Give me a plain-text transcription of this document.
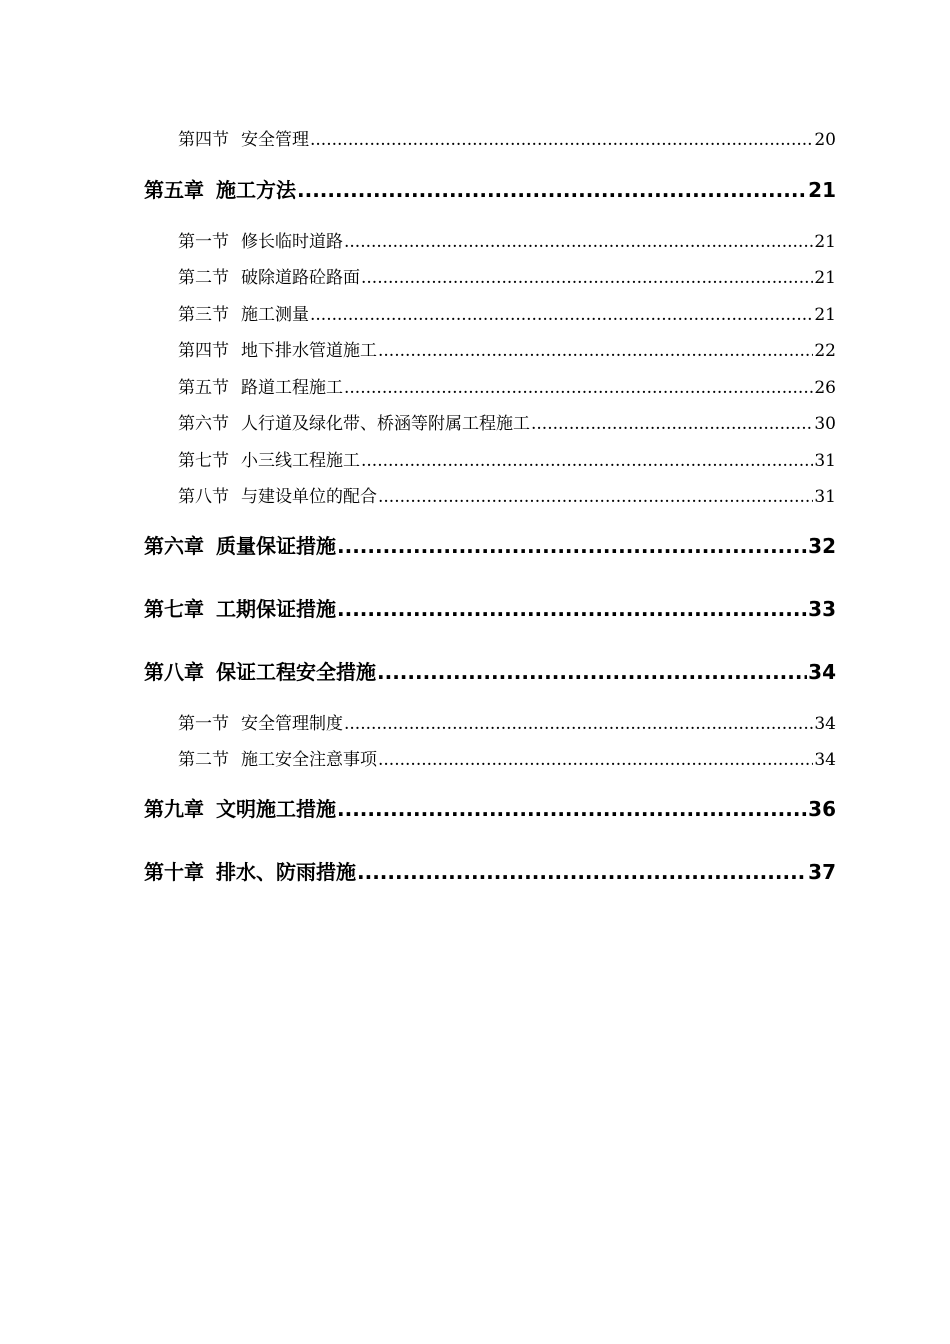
第四节 安全管理 .....	20
第五章 施工方法 .....	21
第一节 修长临时道路 .....	21
第二节 破除道路砼路面 .....	21
第三节 施工测量 .....	21
第四节 地下排水管道施工 .....	22
第五节 路道工程施工 .....	26
第六节 人行道及绿化带、桥涵等附属工程施工 .....	30
第七节 小三线工程施工 .....	31
第八节 与建设单位的配合 .....	31
第六章 质量保证措施 .....	32
第七章 工期保证措施 .....	33
第八章 保证工程安全措施 .....	34
第一节 安全管理制度 .....	34
第二节 施工安全注意事项 .....	34
第九章 文明施工措施 .....	36
第十章 排水、防雨措施 .....	37
